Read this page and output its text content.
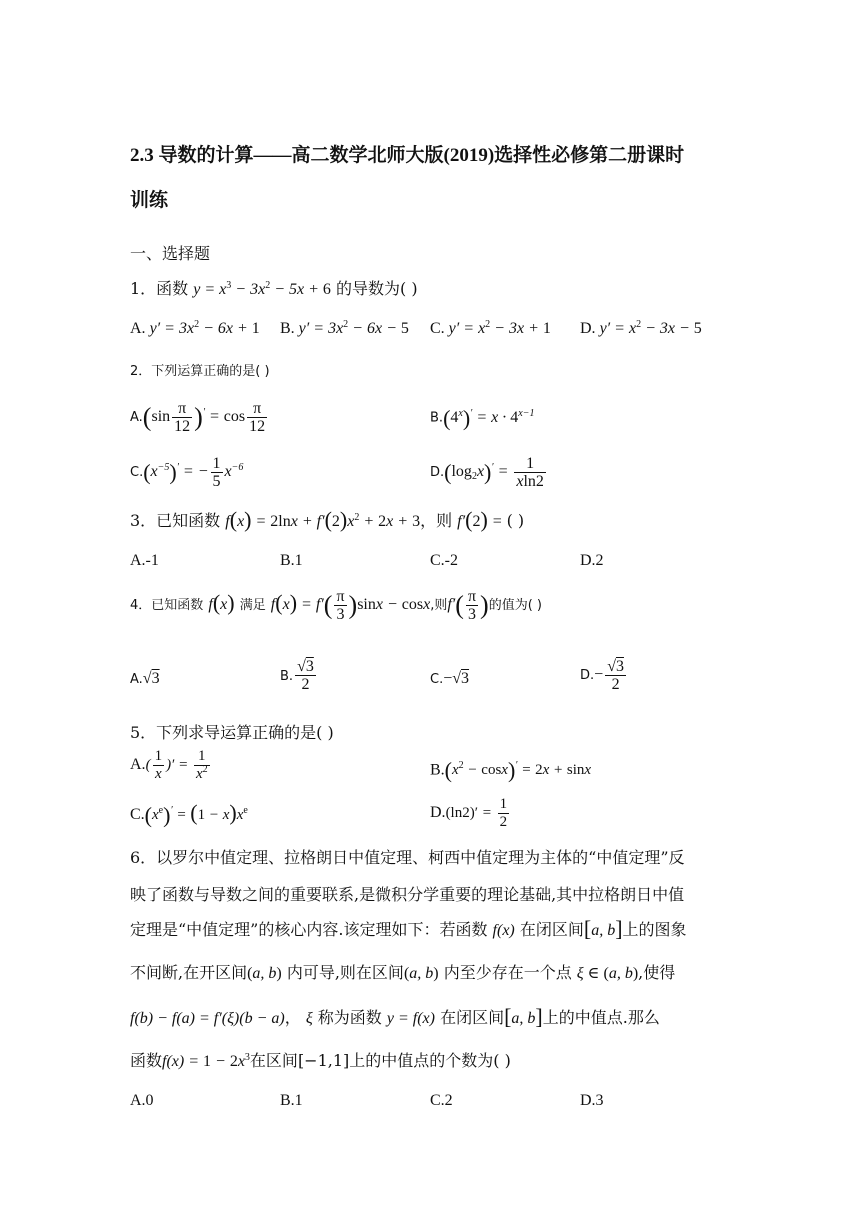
2.3 导数的计算——高二数学北师大版(2019)选择性必修第二册课时
训练
一、选择题
1．函数 $y = x^3 - 3x^2 - 5x + 6$ 的导数为( )
A. $y' = 3x^2 - 6x + 1$ B. $y' = 3x^2 - 6x - 5$ C. $y' = x^2 - 3x + 1$ D. $y' = x^2 - 3x - 5$
2．下列运算正确的是( )
$A.(\sin \frac{\pi}{12} )' = \cos \frac{\pi}{12}$	$B.(4^x)' = x \cdot 4^{x-1}$
$C.(x^{-5})'$ = − $\frac{1}{5} x^{-6}$	$D.(\log_2x)' = \frac{1}{xln2}$
3．已知函数 $f(x) = 2\ln x + f'(2)x^2 + 2x + 3$，则 f′(2) = ( )
A.-1	B.1	C.-2	D.2
4．已知函数 f(x) 满足 $f(x) = f'( \frac{\pi}{3} )\sin x - \cos x$,则$f'( \frac{\pi}{3}$ )的值为( )
A.√3	B. $\frac{√3}{2}$	C.−√3	$D.- \frac{√3}{2}$
5．下列求导运算正确的是( )
$A.( \frac{1}{x}$ )′ = $\frac{1}{x^2}$	$B.(x^2 - \cos x)' = 2x + \sin x$
$C.(x^e)' = (1 - x)x^e$	$D.(\ln 2)' = \frac{1}{2}$
6．以罗尔中值定理、拉格朗日中值定理、柯西中值定理为主体的“中值定理”反
映了函数与导数之间的重要联系,是微积分学重要的理论基础,其中拉格朗日中值
定理是“中值定理”的核心内容.该定理如下：若函数 f(x) 在闭区间[a, b]上的图象
不间断,在开区间(a, b) 内可导,则在区间(a, b) 内至少存在一个点 ξ ∈ (a, b),使得
f(b) − f(a) = f′(ξ)(b − a)， ξ 称为函数 y = f(x) 在闭区间[a, b]上的中值点.那么
函数$f(x) = 1 - 2x^3$在区间[−1,1]上的中值点的个数为( )
A.0	B.1	C.2	D.3
